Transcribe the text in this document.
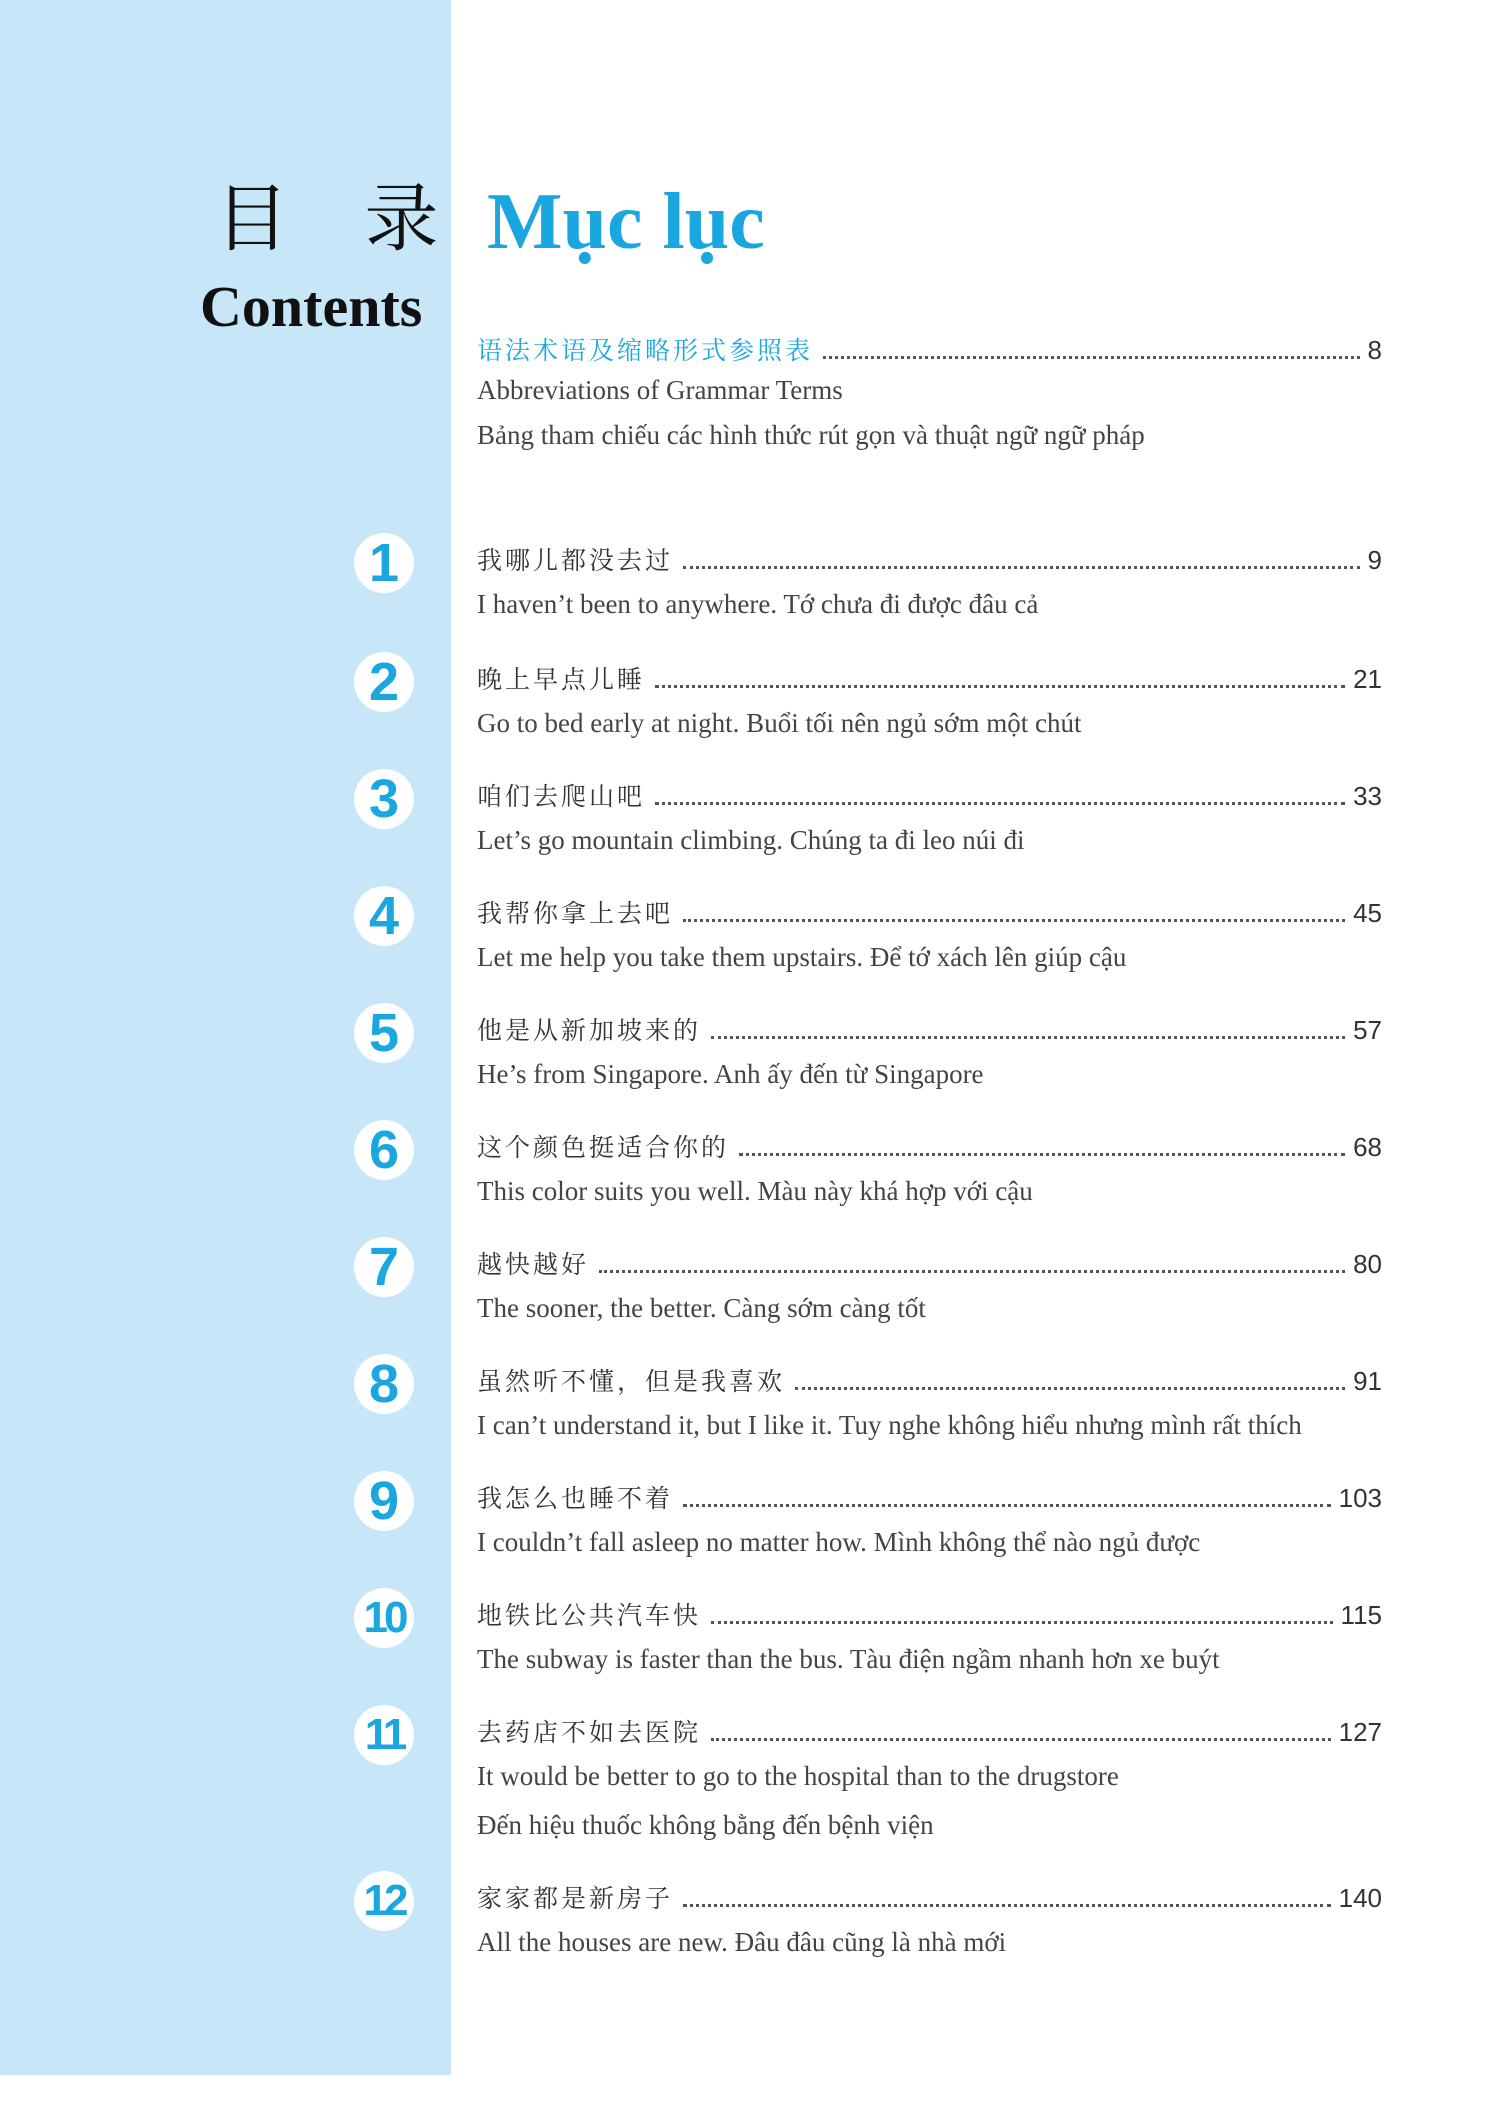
目 录
Contents
Mục lục
语法术语及缩略形式参照表	8
Abbreviations of Grammar Terms
Bảng tham chiếu các hình thức rút gọn và thuật ngữ ngữ pháp
1	我哪儿都没去过	9
I haven’t been to anywhere. Tớ chưa đi được đâu cả
2	晚上早点儿睡	21
Go to bed early at night. Buổi tối nên ngủ sớm một chút
3	咱们去爬山吧	33
Let’s go mountain climbing. Chúng ta đi leo núi đi
4	我帮你拿上去吧	45
Let me help you take them upstairs. Để tớ xách lên giúp cậu
5	他是从新加坡来的	57
He’s from Singapore. Anh ấy đến từ Singapore
6	这个颜色挺适合你的	68
This color suits you well. Màu này khá hợp với cậu
7	越快越好	80
The sooner, the better. Càng sớm càng tốt
8	虽然听不懂，但是我喜欢	91
I can’t understand it, but I like it. Tuy nghe không hiểu nhưng mình rất thích
9	我怎么也睡不着	103
I couldn’t fall asleep no matter how. Mình không thể nào ngủ được
10	地铁比公共汽车快	115
The subway is faster than the bus. Tàu điện ngầm nhanh hơn xe buýt
11	去药店不如去医院	127
It would be better to go to the hospital than to the drugstore
Đến hiệu thuốc không bằng đến bệnh viện
12	家家都是新房子	140
All the houses are new. Đâu đâu cũng là nhà mới
